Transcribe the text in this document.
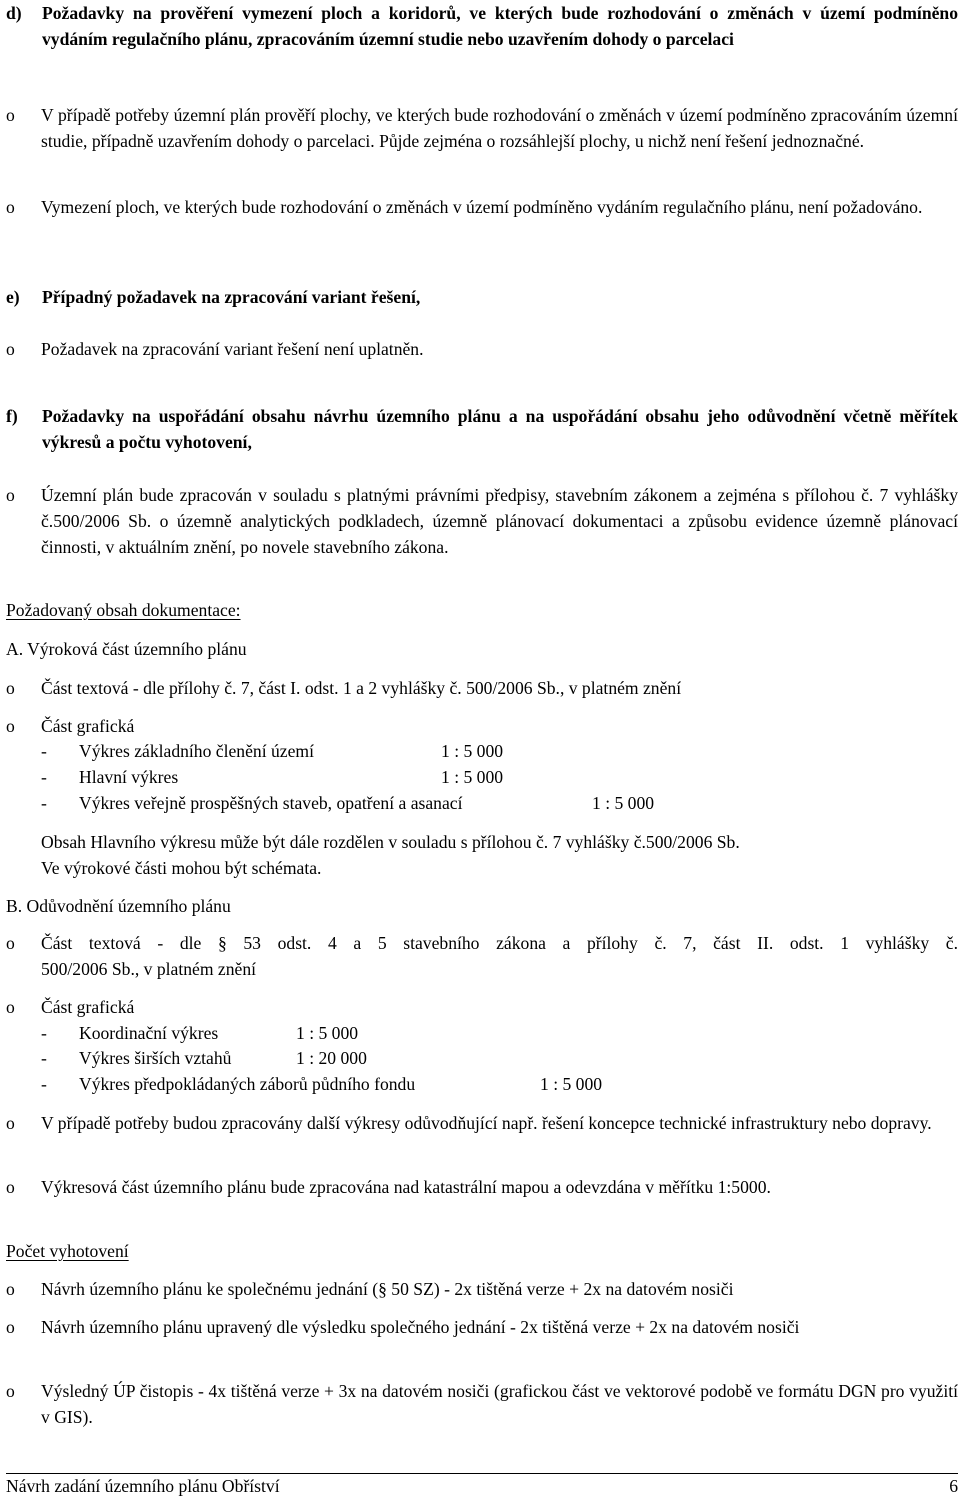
d)	Požadavky na prověření vymezení ploch a koridorů, ve kterých bude rozhodování o změnách v území podmíněno vydáním regulačního plánu, zpracováním územní studie nebo uzavřením dohody o parcelaci
o	V případě potřeby územní plán prověří plochy, ve kterých bude rozhodování o změnách v území podmíněno zpracováním územní studie, případně uzavřením dohody o parcelaci. Půjde zejména o rozsáhlejší plochy, u nichž není řešení jednoznačné.
o	Vymezení ploch, ve kterých bude rozhodování o změnách v území podmíněno vydáním regulačního plánu, není požadováno.
e)	Případný požadavek na zpracování variant řešení,
o	Požadavek na zpracování variant řešení není uplatněn.
f)	Požadavky na uspořádání obsahu návrhu územního plánu a na uspořádání obsahu jeho odůvodnění včetně měřítek výkresů a počtu vyhotovení,
o	Územní plán bude zpracován v souladu s platnými právními předpisy, stavebním zákonem a zejména s přílohou č. 7 vyhlášky č.500/2006 Sb. o územně analytických podkladech, územně plánovací dokumentaci a způsobu evidence územně plánovací činnosti, v aktuálním znění, po novele stavebního zákona.
Požadovaný obsah dokumentace:
A. Výroková část územního plánu
o	Část textová - dle přílohy č. 7, část I. odst. 1 a 2 vyhlášky č. 500/2006 Sb., v platném znění
o	Část grafická
-	Výkres základního členění území	1 : 5 000
-	Hlavní výkres	1 : 5 000
-	Výkres veřejně prospěšných staveb, opatření a asanací	1 : 5 000
Obsah Hlavního výkresu může být dále rozdělen v souladu s přílohou č. 7 vyhlášky č.500/2006 Sb.
Ve výrokové části mohou být schémata.
B. Odůvodnění územního plánu
o	Část textová - dle § 53 odst. 4 a 5 stavebního zákona a přílohy č. 7, část II. odst. 1 vyhlášky č.
500/2006 Sb., v platném znění
o	Část grafická
-	Koordinační výkres	1 : 5 000
-	Výkres širších vztahů	1 : 20 000
-	Výkres předpokládaných záborů půdního fondu	1 : 5 000
o	V případě potřeby budou zpracovány další výkresy odůvodňující např. řešení koncepce technické infrastruktury nebo dopravy.
o	Výkresová část územního plánu bude zpracována nad katastrální mapou a odevzdána v měřítku 1:5000.
Počet vyhotovení
o	Návrh územního plánu ke společnému jednání (§ 50 SZ) - 2x tištěná verze + 2x na datovém nosiči
o	Návrh územního plánu upravený dle výsledku společného jednání - 2x tištěná verze + 2x na datovém nosiči
o	Výsledný ÚP čistopis - 4x tištěná verze + 3x na datovém nosiči (grafickou část ve vektorové podobě ve formátu DGN pro využití v GIS).
Návrh zadání územního plánu Obříství	6
